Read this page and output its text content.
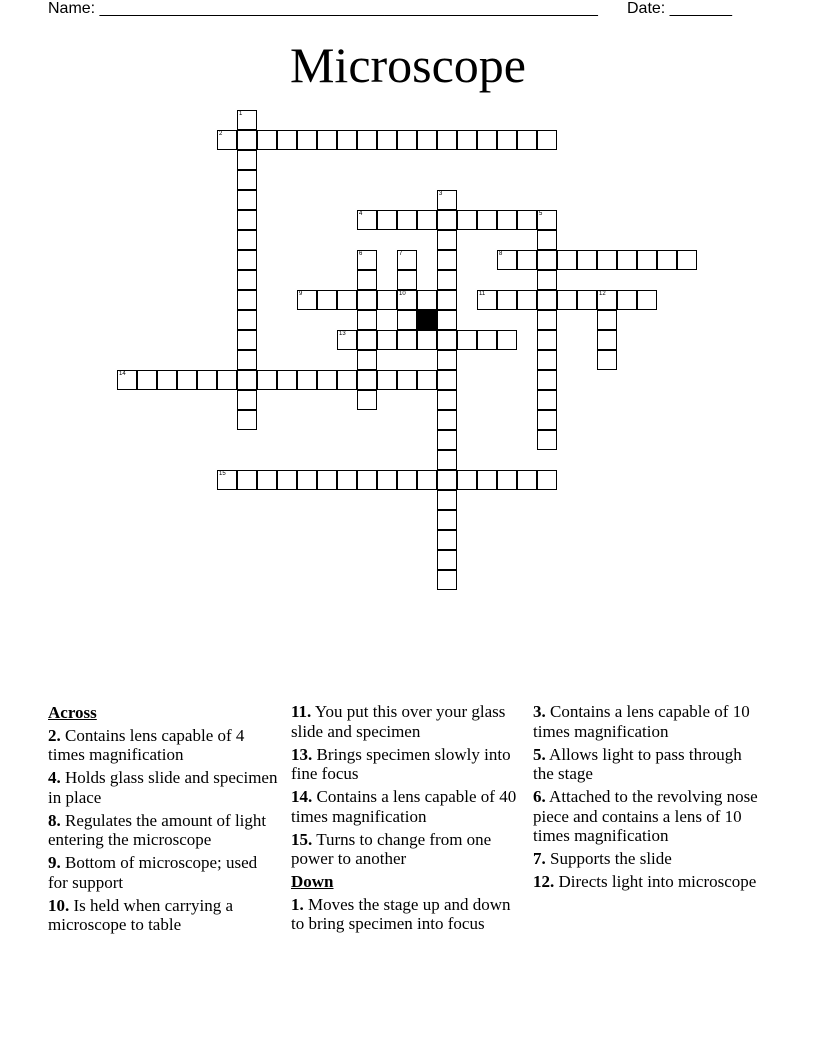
Name: ________________________________________________________ Date: _______
Microscope
1
2
3
4	5
6	7
10
8
9	11	12
13
14
15
Across
2. Contains lens capable of 4 times magnification
4. Holds glass slide and specimen in place
8. Regulates the amount of light entering the microscope
9. Bottom of microscope; used for support
10. Is held when carrying a microscope to table
11. You put this over your glass slide and specimen
13. Brings specimen slowly into fine focus
14. Contains a lens capable of 40 times magnification
15. Turns to change from one power to another
Down
1. Moves the stage up and down to bring specimen into focus
3. Contains a lens capable of 10 times magnification
5. Allows light to pass through the stage
6. Attached to the revolving nose piece and contains a lens of 10 times magnification
7. Supports the slide
12. Directs light into microscope
